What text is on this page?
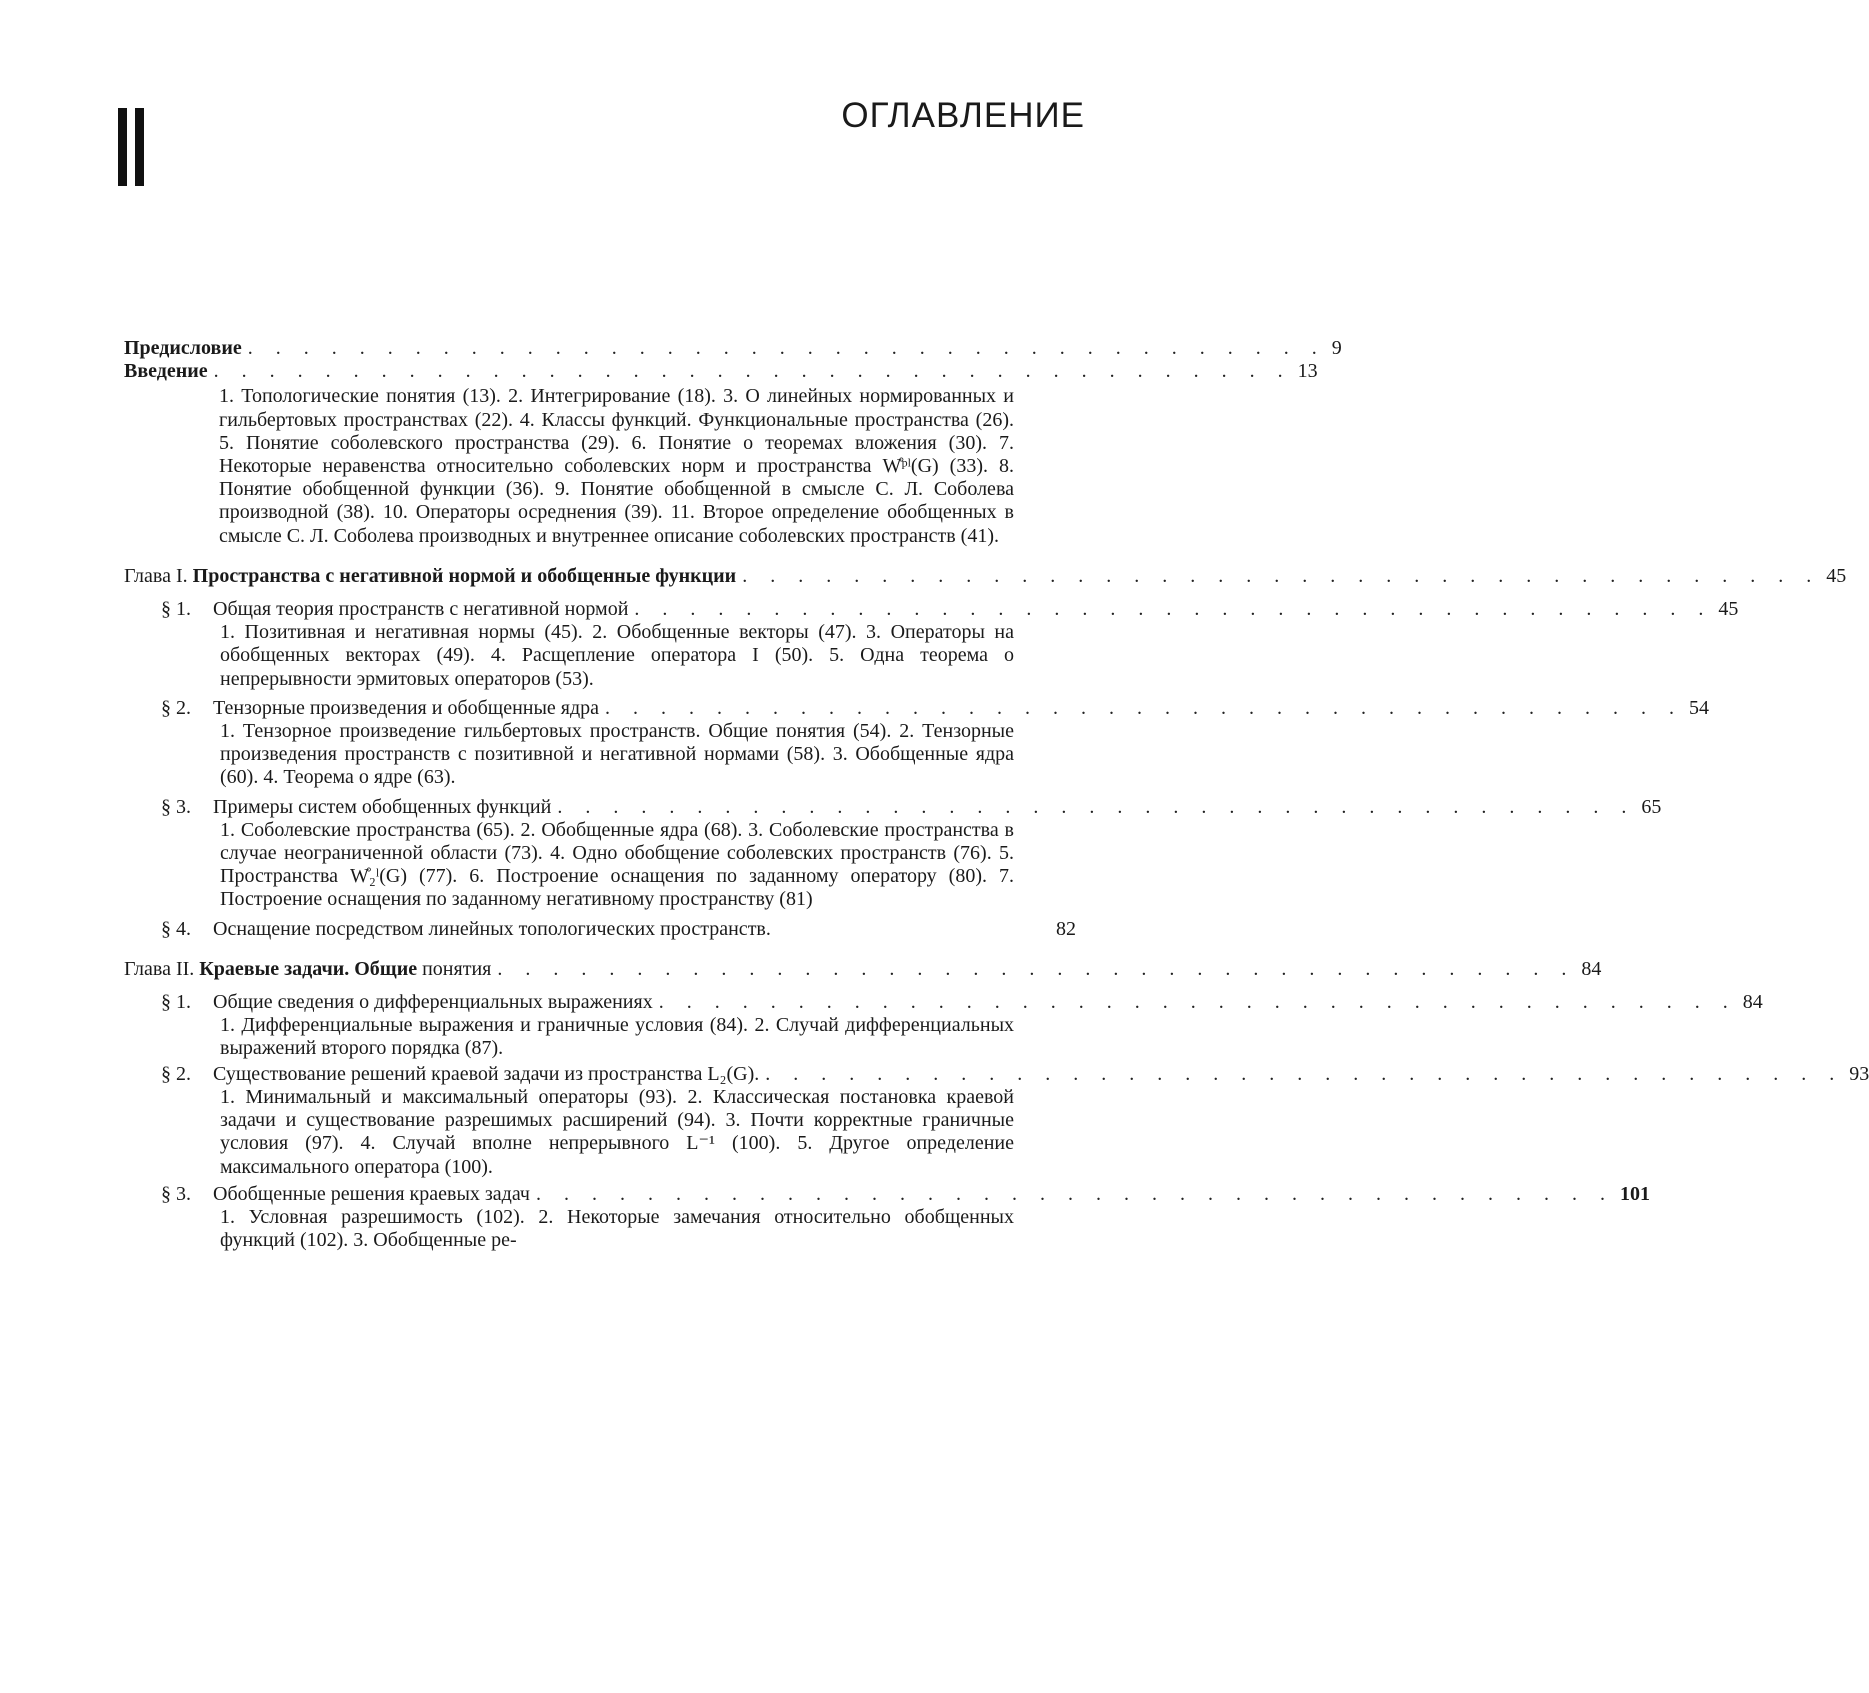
ОГЛАВЛЕНИЕ
Предисловие . . . . . . . . . . . . . . . . . . . . . . . . . . . . . . . . . . . . . . . 9
Введение . . . . . . . . . . . . . . . . . . . . . . . . . . . . . . . . . . . . . . . 13
1. Топологические понятия (13). 2. Интегрирование (18). 3. О линейных нормированных и гильбертовых пространствах (22). 4. Классы функций. Функциональные пространства (26). 5. Понятие соболевского пространства (29). 6. Понятие о теоремах вложения (30). 7. Некоторые неравенства относительно соболевских норм и пространства W̊ᵖˡ(G) (33). 8. Понятие обобщенной функции (36). 9. Понятие обобщенной в смысле С. Л. Соболева производной (38). 10. Операторы осреднения (39). 11. Второе определение обобщенных в смысле С. Л. Соболева производных и внутреннее описание соболевских пространств (41).
Глава I. Пространства с негативной нормой и обобщенные функции . . . . . . . . . . . . . . . . . . . . . . . . . . . . . . . . . . . . . . . 45
§ 1. Общая теория пространств с негативной нормой . . . . . . . . . . . . . . . . . . . . . . . . . . . . . . . . . . . . . . . 45
1. Позитивная и негативная нормы (45). 2. Обобщенные векторы (47). 3. Операторы на обобщенных векторах (49). 4. Расщепление оператора I (50). 5. Одна теорема о непрерывности эрмитовых операторов (53).
§ 2. Тензорные произведения и обобщенные ядра . . . . . . . . . . . . . . . . . . . . . . . . . . . . . . . . . . . . . . . 54
1. Тензорное произведение гильбертовых пространств. Общие понятия (54). 2. Тензорные произведения пространств с позитивной и негативной нормами (58). 3. Обобщенные ядра (60). 4. Теорема о ядре (63).
§ 3. Примеры систем обобщенных функций . . . . . . . . . . . . . . . . . . . . . . . . . . . . . . . . . . . . . . . 65
1. Соболевские пространства (65). 2. Обобщенные ядра (68). 3. Соболевские пространства в случае неограниченной области (73). 4. Одно обобщение соболевских пространств (76). 5. Пространства W̊₂ˡ(G) (77). 6. Построение оснащения по заданному оператору (80). 7. Построение оснащения по заданному негативному пространству (81)
§ 4. Оснащение посредством линейных топологических пространств.	82
Глава II. Краевые задачи. Общие понятия . . . . . . . . . . . . . . . . . . . . . . . . . . . . . . . . . . . . . . . 84
§ 1. Общие сведения о дифференциальных выражениях . . . . . . . . . . . . . . . . . . . . . . . . . . . . . . . . . . . . . . . 84
1. Дифференциальные выражения и граничные условия (84). 2. Случай дифференциальных выражений второго порядка (87).
§ 2. Существование решений краевой задачи из пространства L₂(G). . . . . . . . . . . . . . . . . . . . . . . . . . . . . . . . . . . . . . . . 93
1. Минимальный и максимальный операторы (93). 2. Классическая постановка краевой задачи и существование разрешимых расширений (94). 3. Почти корректные граничные условия (97). 4. Случай вполне непрерывного L⁻¹ (100). 5. Другое определение максимального оператора (100).
§ 3. Обобщенные решения краевых задач . . . . . . . . . . . . . . . . . . . . . . . . . . . . . . . . . . . . . . . 101
1. Условная разрешимость (102). 2. Некоторые замечания относительно обобщенных функций (102). 3. Обобщенные ре-
